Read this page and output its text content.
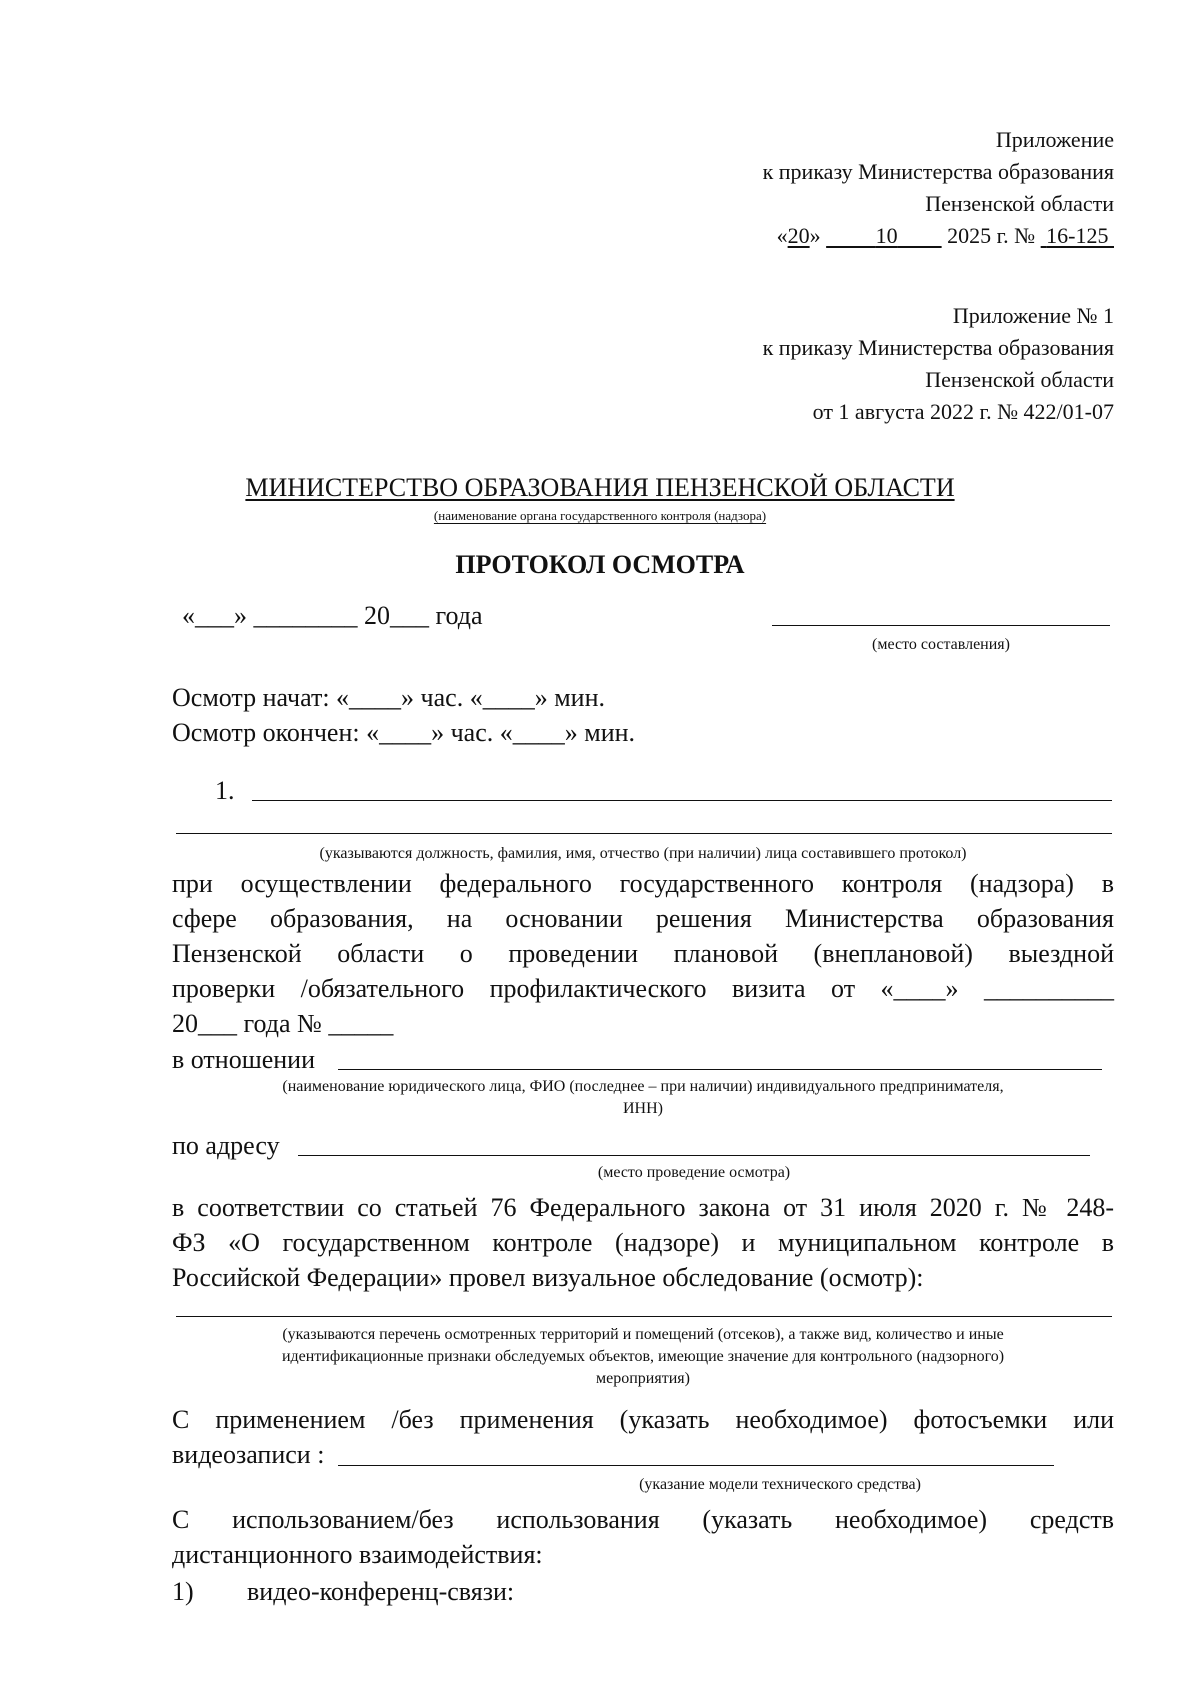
Приложение
к приказу Министерства образования
Пензенской области
«20»          10 2025 г. № 16-125
Приложение № 1
к приказу Министерства образования
Пензенской области
от 1 августа 2022 г. № 422/01-07
МИНИСТЕРСТВО ОБРАЗОВАНИЯ ПЕНЗЕНСКОЙ ОБЛАСТИ
(наименование органа государственного контроля (надзора)
ПРОТОКОЛ ОСМОТРА
«___» ________ 20___ года
(место составления)
Осмотр начат: «____» час. «____» мин.
Осмотр окончен: «____» час. «____» мин.
1.
(указываются должность, фамилия, имя, отчество (при наличии) лица составившего протокол)
при осуществлении федерального государственного контроля (надзора) в
сфере образования, на основании решения Министерства образования
Пензенской области о проведении плановой (внеплановой) выездной
проверки /обязательного профилактического визита от «____» __________
20___ года № _____
в отношении
(наименование юридического лица, ФИО (последнее – при наличии) индивидуального предпринимателя,
ИНН)
по адресу
(место проведение осмотра)
в соответствии со статьей 76 Федерального закона от 31 июля 2020 г. № 248-
ФЗ «О государственном контроле (надзоре) и муниципальном контроле в
Российской Федерации» провел визуальное обследование (осмотр):
(указываются перечень осмотренных территорий и помещений (отсеков), а также вид, количество и иные
идентификационные признаки обследуемых объектов, имеющие значение для контрольного (надзорного)
мероприятия)
С применением /без применения (указать необходимое) фотосъемки или
видеозаписи :
(указание модели технического средства)
С использованием/без использования (указать необходимое) средств
дистанционного взаимодействия:
1) видео-конференц-связи:
